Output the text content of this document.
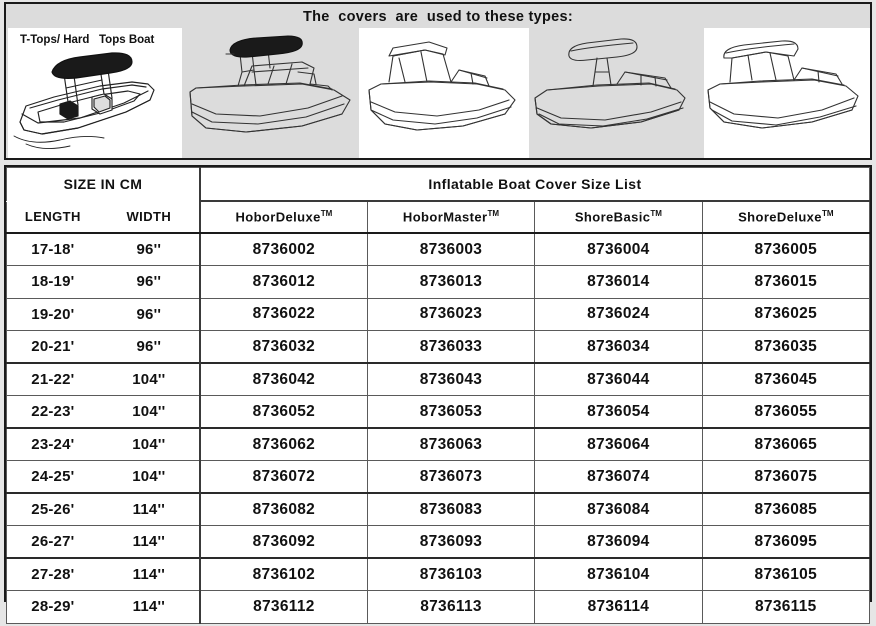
The  covers  are  used to these types:
T-Tops/ Hard   Tops Boat
SIZE IN CM		Inflatable Boat Cover Size List			
LENGTH	WIDTH	HoborDeluxe™	HoborMaster™	ShoreBasic™	ShoreDeluxe™
17-18'	96''	8736002	8736003	8736004	8736005
18-19'	96''	8736012	8736013	8736014	8736015
19-20'	96''	8736022	8736023	8736024	8736025
20-21'	96''	8736032	8736033	8736034	8736035
21-22'	104''	8736042	8736043	8736044	8736045
22-23'	104''	8736052	8736053	8736054	8736055
23-24'	104''	8736062	8736063	8736064	8736065
24-25'	104''	8736072	8736073	8736074	8736075
25-26'	114''	8736082	8736083	8736084	8736085
26-27'	114''	8736092	8736093	8736094	8736095
27-28'	114''	8736102	8736103	8736104	8736105
28-29'	114''	8736112	8736113	8736114	8736115
